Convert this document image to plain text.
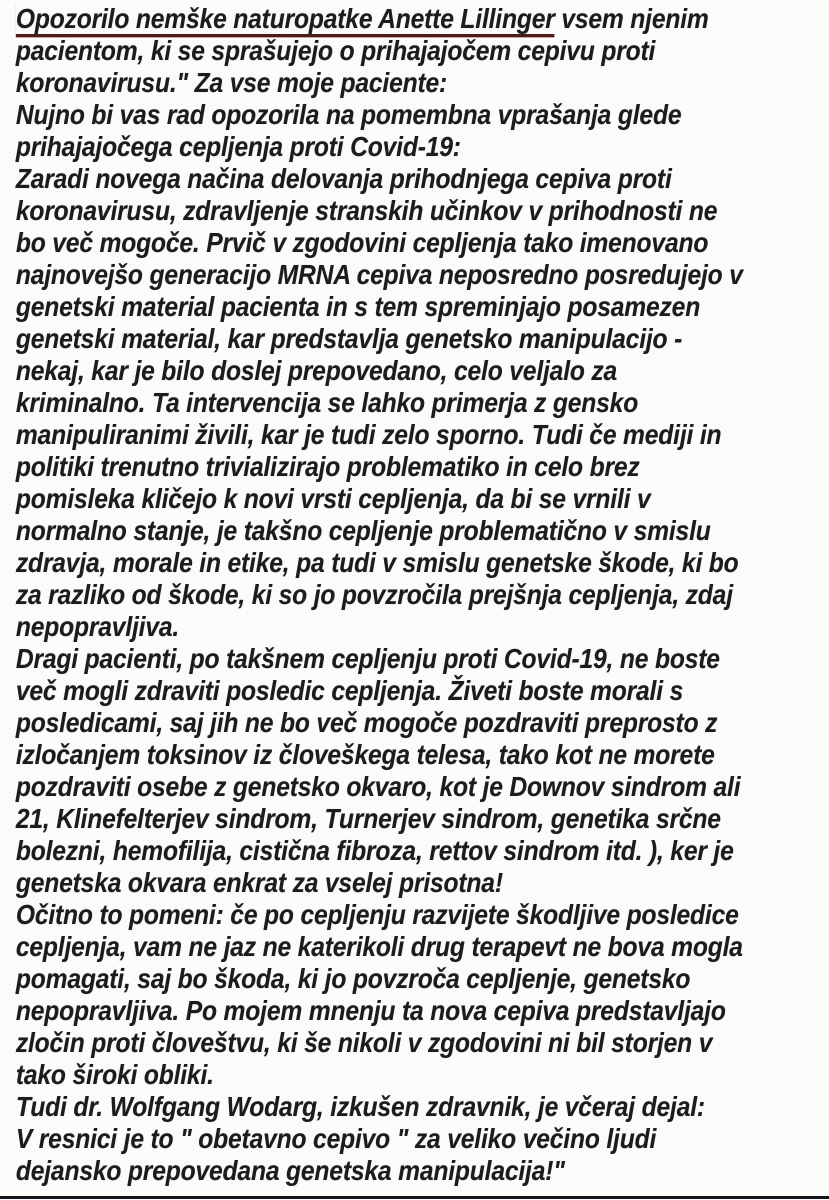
Opozorilo nemške naturopatke Anette Lillinger vsem njenim
pacientom, ki se sprašujejo o prihajajočem cepivu proti
koronavirusu." Za vse moje paciente:
Nujno bi vas rad opozorila na pomembna vprašanja glede
prihajajočega cepljenja proti Covid-19:
Zaradi novega načina delovanja prihodnjega cepiva proti
koronavirusu, zdravljenje stranskih učinkov v prihodnosti ne
bo več mogoče. Prvič v zgodovini cepljenja tako imenovano
najnovejšo generacijo MRNA cepiva neposredno posredujejo v
genetski material pacienta in s tem spreminjajo posamezen
genetski material, kar predstavlja genetsko manipulacijo -
nekaj, kar je bilo doslej prepovedano, celo veljalo za
kriminalno. Ta intervencija se lahko primerja z gensko
manipuliranimi živili, kar je tudi zelo sporno. Tudi če mediji in
politiki trenutno trivializirajo problematiko in celo brez
pomisleka kličejo k novi vrsti cepljenja, da bi se vrnili v
normalno stanje, je takšno cepljenje problematično v smislu
zdravja, morale in etike, pa tudi v smislu genetske škode, ki bo
za razliko od škode, ki so jo povzročila prejšnja cepljenja, zdaj
nepopravljiva.
Dragi pacienti, po takšnem cepljenju proti Covid-19, ne boste
več mogli zdraviti posledic cepljenja. Živeti boste morali s
posledicami, saj jih ne bo več mogoče pozdraviti preprosto z
izločanjem toksinov iz človeškega telesa, tako kot ne morete
pozdraviti osebe z genetsko okvaro, kot je Downov sindrom ali
21, Klinefelterjev sindrom, Turnerjev sindrom, genetika srčne
bolezni, hemofilija, cistična fibroza, rettov sindrom itd. ), ker je
genetska okvara enkrat za vselej prisotna!
Očitno to pomeni: če po cepljenju razvijete škodljive posledice
cepljenja, vam ne jaz ne katerikoli drug terapevt ne bova mogla
pomagati, saj bo škoda, ki jo povzroča cepljenje, genetsko
nepopravljiva. Po mojem mnenju ta nova cepiva predstavljajo
zločin proti človeštvu, ki še nikoli v zgodovini ni bil storjen v
tako široki obliki.
Tudi dr. Wolfgang Wodarg, izkušen zdravnik, je včeraj dejal:
V resnici je to " obetavno cepivo " za veliko večino ljudi
dejansko prepovedana genetska manipulacija!"
